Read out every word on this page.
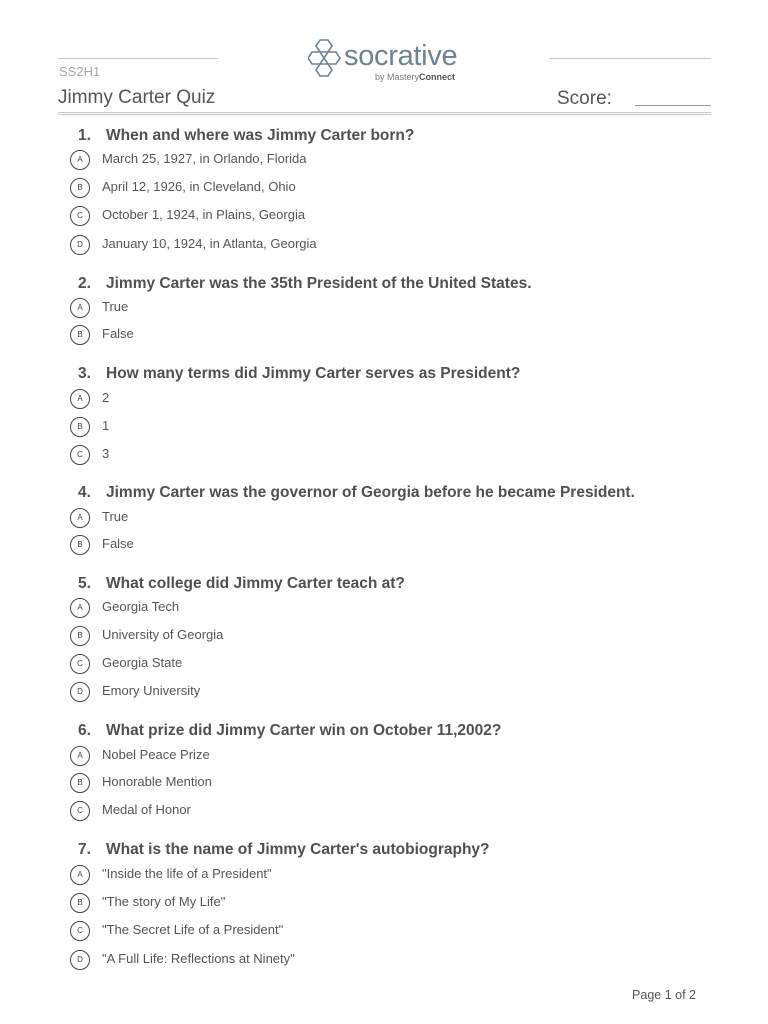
socrative
by MasteryConnect
SS2H1
Jimmy Carter Quiz	Score:
1. When and where was Jimmy Carter born?
A	March 25, 1927, in Orlando, Florida
B	April 12, 1926, in Cleveland, Ohio
C	October 1, 1924, in Plains, Georgia
D	January 10, 1924, in Atlanta, Georgia
2. Jimmy Carter was the 35th President of the United States.
A	True
B	False
3. How many terms did Jimmy Carter serves as President?
A	2
B	1
C	3
4. Jimmy Carter was the governor of Georgia before he became President.
A	True
B	False
5. What college did Jimmy Carter teach at?
A	Georgia Tech
B	University of Georgia
C	Georgia State
D	Emory University
6. What prize did Jimmy Carter win on October 11,2002?
A	Nobel Peace Prize
B	Honorable Mention
C	Medal of Honor
7. What is the name of Jimmy Carter's autobiography?
A	"Inside the life of a President"
B	"The story of My Life"
C	"The Secret Life of a President"
D	"A Full Life: Reflections at Ninety"
Page 1 of 2
